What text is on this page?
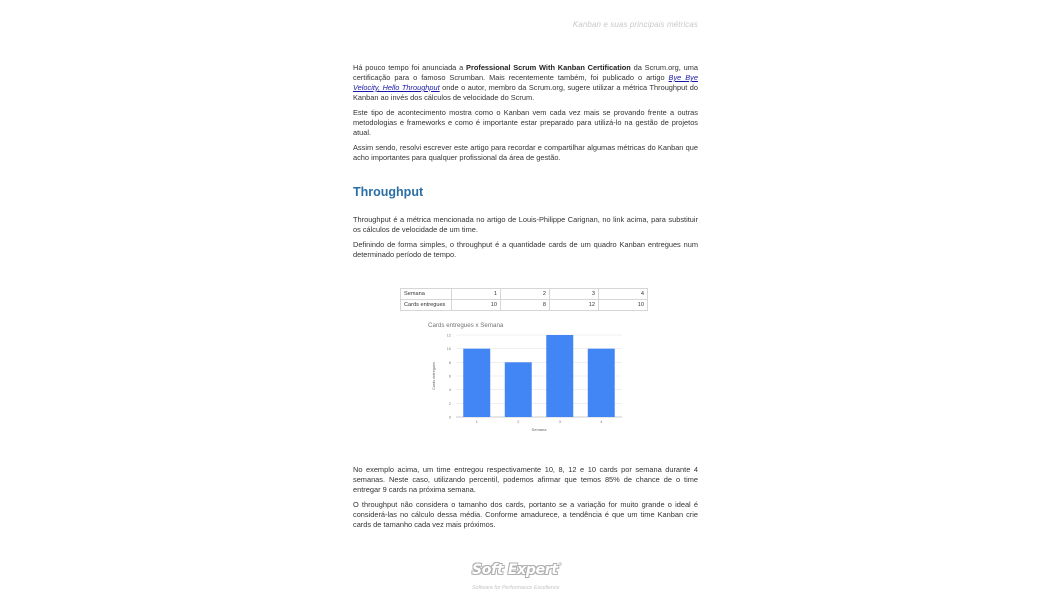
Kanban e suas principais métricas

Há pouco tempo foi anunciada a Professional Scrum With Kanban Certification da Scrum.org, uma certificação para o famoso Scrumban. Mais recentemente também, foi publicado o artigo Bye Bye Velocity, Hello Throughput onde o autor, membro da Scrum.org, sugere utilizar a métrica Throughput do Kanban ao invés dos cálculos de velocidade do Scrum.

Este tipo de acontecimento mostra como o Kanban vem cada vez mais se provando frente a outras metodologias e frameworks e como é importante estar preparado para utilizá-lo na gestão de projetos atual.

Assim sendo, resolvi escrever este artigo para recordar e compartilhar algumas métricas do Kanban que acho importantes para qualquer profissional da área de gestão.

Throughput

Throughput é a métrica mencionada no artigo de Louis-Philippe Carignan, no link acima, para substituir os cálculos de velocidade de um time.

Definindo de forma simples, o throughput é a quantidade cards de um quadro Kanban entregues num determinado período de tempo.

Semana	1	2	3	4
Cards entregues	10	8	12	10
Cards entregues x Semana
0
2
4
6
8
10
12
1	2	3	4
Semana
Cards entregues

No exemplo acima, um time entregou respectivamente 10, 8, 12 e 10 cards por semana durante 4 semanas. Neste caso, utilizando percentil, podemos afirmar que temos 85% de chance de o time entregar 9 cards na próxima semana.

O throughput não considera o tamanho dos cards, portanto se a variação for muito grande o ideal é considerá-las no cálculo dessa média. Conforme amadurece, a tendência é que um time Kanban crie cards de tamanho cada vez mais próximos.

Soft Expert®
Software for Performance Excellence
